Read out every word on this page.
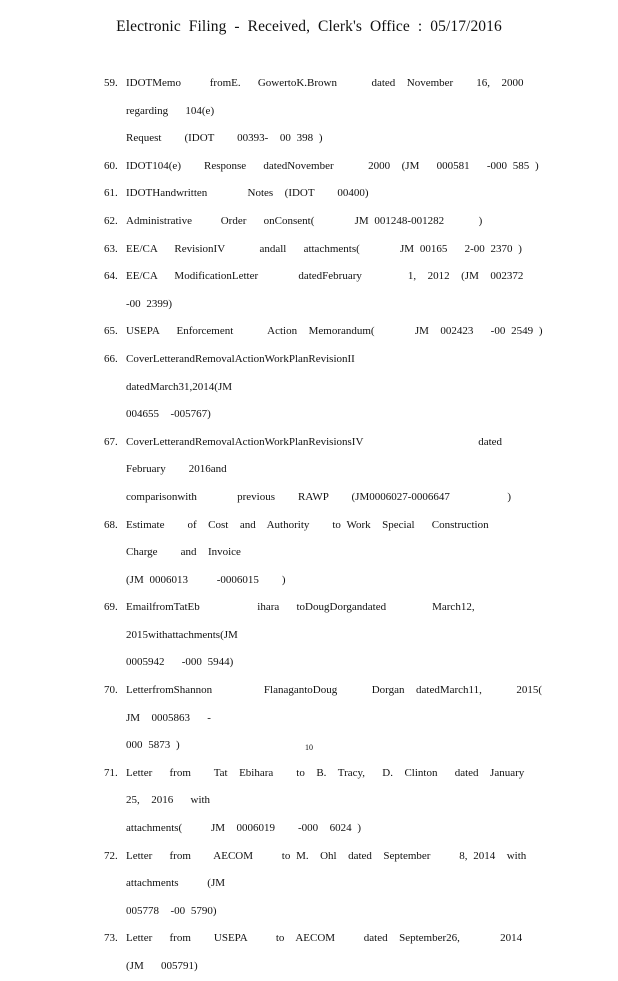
Electronic Filing - Received, Clerk's Office : 05/17/2016
59. IDOTMemo     fromE.   GowertoK.Brown      dated  November    16,  2000  regarding   104(e)
Request    (IDOT    00393-  00 398 )
60. IDOT104(e)    Response   datedNovember      2000  (JM   000581   -000 585 )
61. IDOTHandwritten       Notes  (IDOT    00400)
62. Administrative     Order   onConsent(       JM 001248-001282      )
63. EE/CA   RevisionIV      andall   attachments(       JM 00165   2-00 2370 )
64. EE/CA   ModificationLetter       datedFebruary        1,  2012  (JM  002372   -00 2399)
65. USEPA   Enforcement      Action  Memorandum(       JM  002423   -00 2549 )
66. CoverLetterandRemovalActionWorkPlanRevisionII                    datedMarch31,2014(JM
004655  -005767)
67. CoverLetterandRemovalActionWorkPlanRevisionsIV                    dated              February    2016and
comparisonwith       previous    RAWP    (JM0006027-0006647          )
68. Estimate    of  Cost  and  Authority    to Work  Special   Construction     Charge    and  Invoice
(JM 0006013     -0006015    )
69. EmailfromTatEb          ihara   toDougDorgandated        March12,     2015withattachments(JM
0005942   -000 5944)
70. LetterfromShannon         FlanagantoDoug      Dorgan  datedMarch11,      2015(           JM  0005863   -
000 5873 )
71. Letter   from    Tat  Ebihara    to  B.  Tracy,   D.  Clinton   dated  January   25,  2016   with
attachments(     JM  0006019    -000  6024 )
72. Letter   from    AECOM     to M.  Ohl  dated  September     8, 2014  with  attachments     (JM
005778  -00 5790)
73. Letter   from    USEPA     to  AECOM     dated  September26,       2014  (JM   005791)
10
